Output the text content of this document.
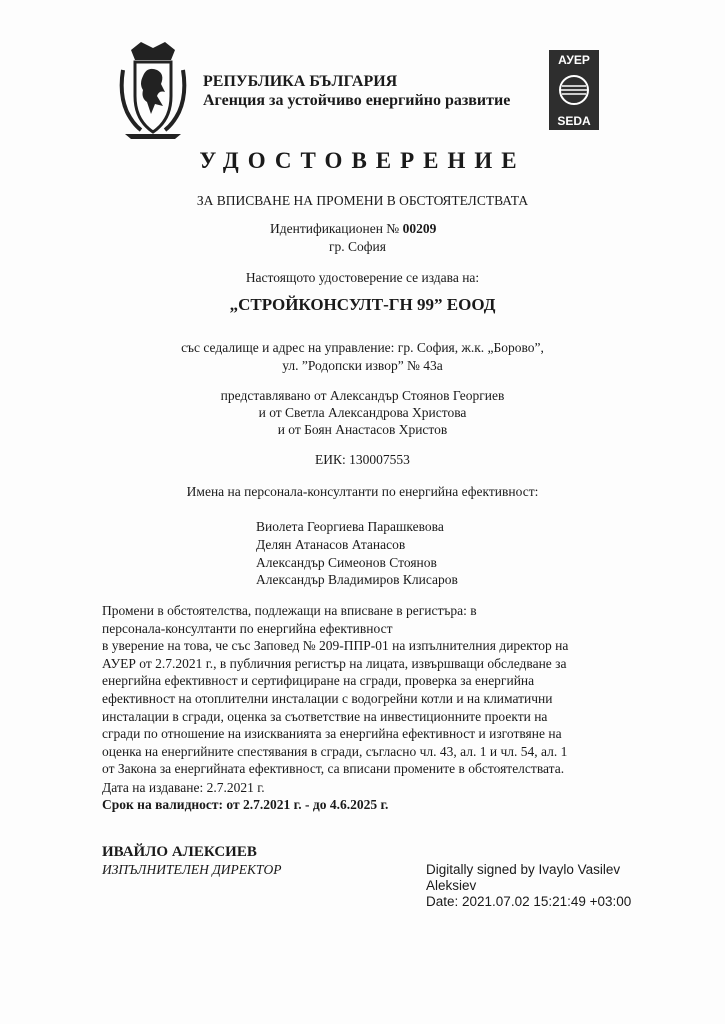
РЕПУБЛИКА БЪЛГАРИЯ
Агенция за устойчиво енергийно развитие
АУЕР
SEDA
УДОСТОВЕРЕНИЕ
ЗА ВПИСВАНЕ НА ПРОМЕНИ В ОБСТОЯТЕЛСТВАТА
Идентификационен № 00209
гр. София
Настоящото удостоверение се издава на:
„СТРОЙКОНСУЛТ-ГН 99” ЕООД
със седалище и адрес на управление: гр. София, ж.к. „Борово”,
ул. ”Родопски извор” № 43а
представлявано от Александър Стоянов Георгиев
и от Светла Александрова Христова
и от Боян Анастасов Христов
ЕИК: 130007553
Имена на персонала-консултанти по енергийна ефективност:
Виолета Георгиева Парашкевова
Делян Атанасов Атанасов
Александър Симеонов Стоянов
Александър Владимиров Клисаров
Промени в обстоятелства, подлежащи на вписване в регистъра: в
персонала-консултанти по енергийна ефективност
в уверение на това, че със Заповед № 209-ППР-01 на изпълнителния директор на
АУЕР от 2.7.2021 г., в публичния регистър на лицата, извършващи обследване за
енергийна ефективност и сертифициране на сгради, проверка за енергийна
ефективност на отоплителни инсталации с водогрейни котли и на климатични
инсталации в сгради, оценка за съответствие на инвестиционните проекти на
сгради по отношение на изискванията за енергийна ефективност и изготвяне на
оценка на енергийните спестявания в сгради, съгласно чл. 43, ал. 1 и чл. 54, ал. 1
от Закона за енергийната ефективност, са вписани промените в обстоятелствата.
Дата на издаване: 2.7.2021 г.
Срок на валидност: от 2.7.2021 г. - до 4.6.2025 г.
ИВАЙЛО АЛЕКСИЕВ
ИЗПЪЛНИТЕЛЕН ДИРЕКТОР	Digitally signed by Ivaylo Vasilev
Aleksiev
Date: 2021.07.02 15:21:49 +03:00
